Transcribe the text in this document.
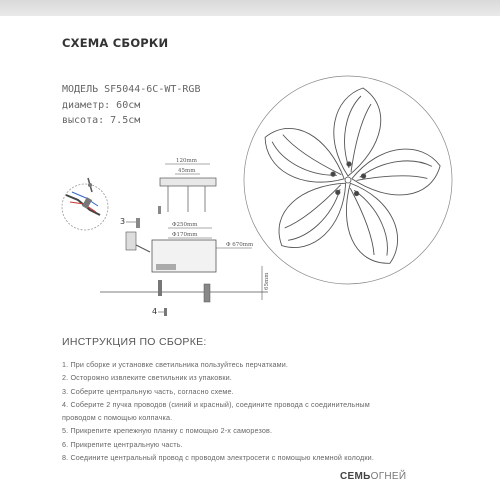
СХЕМА СБОРКИ
МОДЕЛЬ SF5044-6C-WT-RGB
диаметр: 60см
высота: 7.5см
120mm
45mm
3	Φ250mm
Φ170mm
Φ 670mm
65mm
4
ИНСТРУКЦИЯ ПО СБОРКЕ:
1. При сборке и установке светильника пользуйтесь перчатками.
2. Осторожно извлеките светильник из упаковки.
3. Соберите центральную часть, согласно схеме.
4. Соберите 2 пучка проводов (синий и красный), соедините провода с соединительным
проводом с помощью колпачка.
5. Прикрепите крепежную планку с помощью 2-х саморезов.
6. Прикрепите центральную часть.
8. Соедините центральный провод с проводом электросети с помощью клемной колодки.
СЕМЬОГНЕЙ
